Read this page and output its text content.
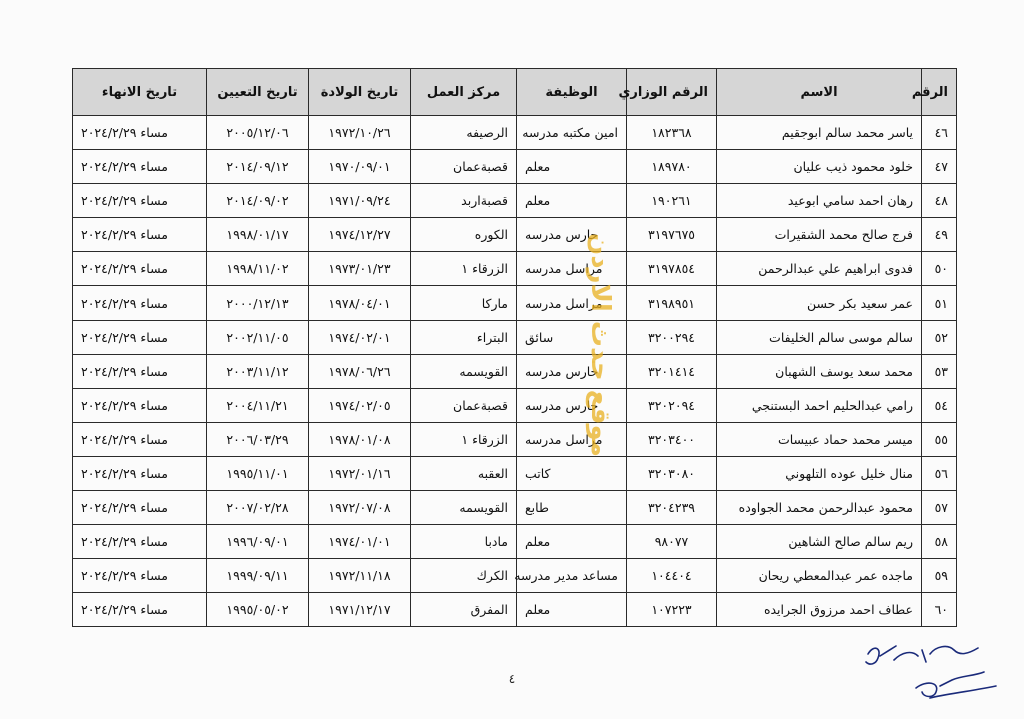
الرقم	الاسم	الرقم الوزاري	الوظيفة	مركز العمل	تاريخ الولادة	تاريخ التعيين	تاريخ الانهاء
٤٦	ياسر محمد سالم ابوجقيم	١٨٢٣٦٨	امين مكتبه مدرسه	الرصيفه	١٩٧٢/١٠/٢٦	٢٠٠٥/١٢/٠٦	مساء ٢٠٢٤/٢/٢٩
٤٧	خلود محمود ذيب عليان	١٨٩٧٨٠	معلم	قصبةعمان	١٩٧٠/٠٩/٠١	٢٠١٤/٠٩/١٢	مساء ٢٠٢٤/٢/٢٩
٤٨	رهان احمد سامي ابوعيد	١٩٠٢٦١	معلم	قصبةاربد	١٩٧١/٠٩/٢٤	٢٠١٤/٠٩/٠٢	مساء ٢٠٢٤/٢/٢٩
٤٩	فرج صالح محمد الشقيرات	٣١٩٧٦٧٥	حارس مدرسه	الكوره	١٩٧٤/١٢/٢٧	١٩٩٨/٠١/١٧	مساء ٢٠٢٤/٢/٢٩
٥٠	فدوى ابراهيم علي عبدالرحمن	٣١٩٧٨٥٤	مراسل مدرسه	الزرقاء ١	١٩٧٣/٠١/٢٣	١٩٩٨/١١/٠٢	مساء ٢٠٢٤/٢/٢٩
٥١	عمر سعيد بكر حسن	٣١٩٨٩٥١	مراسل مدرسه	ماركا	١٩٧٨/٠٤/٠١	٢٠٠٠/١٢/١٣	مساء ٢٠٢٤/٢/٢٩
٥٢	سالم موسى سالم الخليفات	٣٢٠٠٢٩٤	سائق	البتراء	١٩٧٤/٠٢/٠١	٢٠٠٢/١١/٠٥	مساء ٢٠٢٤/٢/٢٩
٥٣	محمد سعد يوسف الشهبان	٣٢٠١٤١٤	حارس مدرسه	القويسمه	١٩٧٨/٠٦/٢٦	٢٠٠٣/١١/١٢	مساء ٢٠٢٤/٢/٢٩
٥٤	رامي عبدالحليم احمد البستنجي	٣٢٠٢٠٩٤	حارس مدرسه	قصبةعمان	١٩٧٤/٠٢/٠٥	٢٠٠٤/١١/٢١	مساء ٢٠٢٤/٢/٢٩
٥٥	ميسر محمد حماد عبيسات	٣٢٠٣٤٠٠	مراسل مدرسه	الزرقاء ١	١٩٧٨/٠١/٠٨	٢٠٠٦/٠٣/٢٩	مساء ٢٠٢٤/٢/٢٩
٥٦	منال خليل عوده التلهوني	٣٢٠٣٠٨٠	كاتب	العقبه	١٩٧٢/٠١/١٦	١٩٩٥/١١/٠١	مساء ٢٠٢٤/٢/٢٩
٥٧	محمود عبدالرحمن محمد الجواوده	٣٢٠٤٢٣٩	طابع	القويسمه	١٩٧٢/٠٧/٠٨	٢٠٠٧/٠٢/٢٨	مساء ٢٠٢٤/٢/٢٩
٥٨	ريم سالم صالح الشاهين	٩٨٠٧٧	معلم	مادبا	١٩٧٤/٠١/٠١	١٩٩٦/٠٩/٠١	مساء ٢٠٢٤/٢/٢٩
٥٩	ماجده عمر عبدالمعطي ريحان	١٠٤٤٠٤	مساعد مدير مدرسه	الكرك	١٩٧٢/١١/١٨	١٩٩٩/٠٩/١١	مساء ٢٠٢٤/٢/٢٩
٦٠	عطاف احمد مرزوق الجرايده	١٠٧٢٢٣	معلم	المفرق	١٩٧١/١٢/١٧	١٩٩٥/٠٥/٠٢	مساء ٢٠٢٤/٢/٢٩
موقع حدث الاردن
٤
